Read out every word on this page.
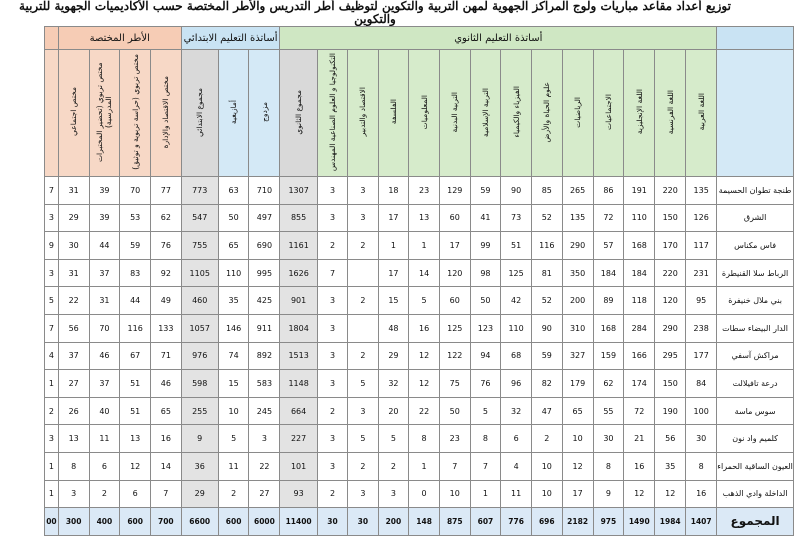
توزيع أعداد مقاعد مباريات ولوج المراكز الجهوية لمهن التربية والتكوين لتوظيف أطر التدريس والأطر المختصة حسب الأكاديميات الجهوية للتربية والتكوين
	الأطر المختصة				أساتذة التعليم الابتدائي			أساتذة التعليم الثانوي														
	مختص اجتماعي	مختص تربوي (تحضير المختبرات المدرسية)	مختص تربوي (حراسة تربوية و توثيق)	مختص الاقتصاد والإدارة	مجموع الابتدائي	أمازيغية	مزدوج	مجموع الثانوي	التكنولوجيا و العلوم الصناعية المهندس	الاقتصاد والتدبير	الفلسفة	المعلوميات	التربية البدنية	التربية الإسلامية	الفيزياء والكيمياء	علوم الحياة والأرض	الرياضيات	الاجتماعيات	اللغة الإنجليزية	اللغة الفرنسية	اللغة العربية	
7	31	39	70	77	773	63	710	1307	3	3	18	23	129	59	90	85	265	86	191	220	135	طنجة تطوان الحسيمة
3	29	39	53	62	547	50	497	855	3	3	17	13	60	41	73	52	135	72	110	150	126	الشرق
9	30	44	59	76	755	65	690	1161	2	2	1	1	17	99	51	116	290	57	168	170	117	فاس مكناس
3	31	37	83	92	1105	110	995	1626	7		17	14	120	98	125	81	350	184	184	220	231	الرباط سلا القنيطرة
5	22	31	44	49	460	35	425	901	3	2	15	5	60	50	42	52	200	89	118	120	95	بني ملال خنيفرة
7	56	70	116	133	1057	146	911	1804	3		48	16	125	123	110	90	310	168	284	290	238	الدار البيضاء سطات
4	37	46	67	71	976	74	892	1513	3	2	29	12	122	94	68	59	327	159	166	295	177	مراكش آسفي
1	27	37	51	46	598	15	583	1148	3	5	32	12	75	76	96	82	179	62	174	150	84	درعة تافيلالت
2	26	40	51	65	255	10	245	664	2	3	20	22	50	5	32	47	65	55	72	190	100	سوس ماسة
3	13	11	13	16	9	5	3	227	3	5	5	8	23	8	6	2	10	30	21	56	30	كلميم واد نون
1	8	6	12	14	36	11	22	101	3	2	2	1	7	7	4	10	12	8	16	35	8	العيون الساقية الحمراء
1	3	2	6	7	29	2	27	93	2	3	3	0	10	1	11	10	17	9	12	12	16	الداخلة وادي الذهب
00	300	400	600	700	6600	600	6000	11400	30	30	200	148	875	607	776	696	2182	975	1490	1984	1407	المجموع
